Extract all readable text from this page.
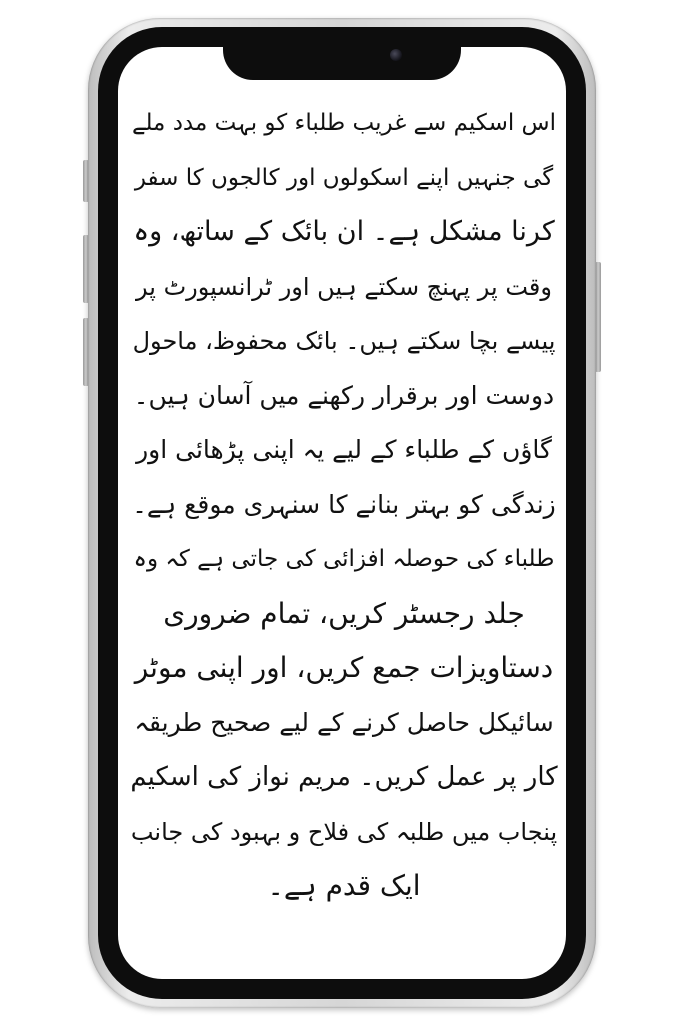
اس اسکیم سے غریب طلباء کو بہت مدد ملے
گی جنہیں اپنے اسکولوں اور کالجوں کا سفر
کرنا مشکل ہے۔ ان بائک کے ساتھ، وہ
وقت پر پہنچ سکتے ہیں اور ٹرانسپورٹ پر
پیسے بچا سکتے ہیں۔ بائک محفوظ، ماحول
دوست اور برقرار رکھنے میں آسان ہیں۔
گاؤں کے طلباء کے لیے یہ اپنی پڑھائی اور
زندگی کو بہتر بنانے کا سنہری موقع ہے۔
طلباء کی حوصلہ افزائی کی جاتی ہے کہ وہ
جلد رجسٹر کریں، تمام ضروری
دستاویزات جمع کریں، اور اپنی موٹر
سائیکل حاصل کرنے کے لیے صحیح طریقہ
کار پر عمل کریں۔ مریم نواز کی اسکیم
پنجاب میں طلبہ کی فلاح و بہبود کی جانب
ایک قدم ہے۔
